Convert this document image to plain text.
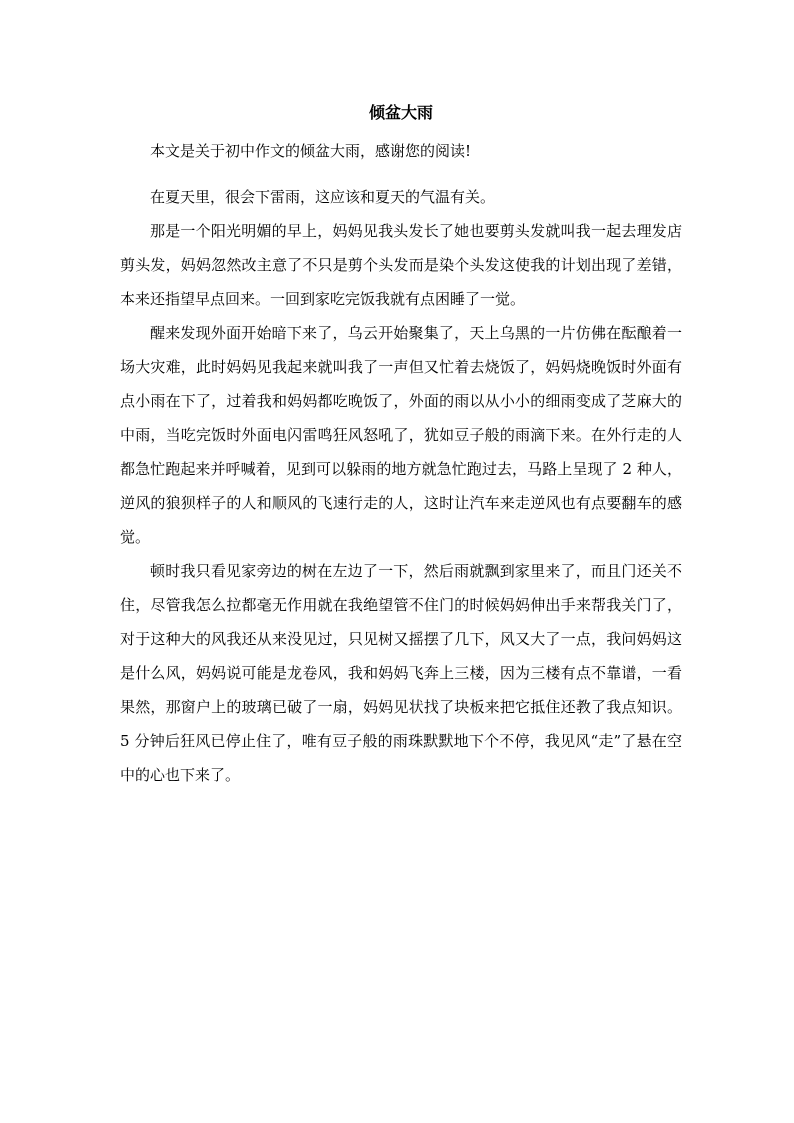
倾盆大雨

本文是关于初中作文的倾盆大雨，感谢您的阅读!

在夏天里，很会下雷雨，这应该和夏天的气温有关。

那是一个阳光明媚的早上，妈妈见我头发长了她也要剪头发就叫我一起去理发店剪头发，妈妈忽然改主意了不只是剪个头发而是染个头发这使我的计划出现了差错，本来还指望早点回来。一回到家吃完饭我就有点困睡了一觉。

醒来发现外面开始暗下来了，乌云开始聚集了，天上乌黑的一片仿佛在酝酿着一场大灾难，此时妈妈见我起来就叫我了一声但又忙着去烧饭了，妈妈烧晚饭时外面有点小雨在下了，过着我和妈妈都吃晚饭了，外面的雨以从小小的细雨变成了芝麻大的中雨，当吃完饭时外面电闪雷鸣狂风怒吼了，犹如豆子般的雨滴下来。在外行走的人都急忙跑起来并呼喊着，见到可以躲雨的地方就急忙跑过去，马路上呈现了 2 种人，逆风的狼狈样子的人和顺风的飞速行走的人，这时让汽车来走逆风也有点要翻车的感觉。

顿时我只看见家旁边的树在左边了一下，然后雨就飘到家里来了，而且门还关不住，尽管我怎么拉都毫无作用就在我绝望管不住门的时候妈妈伸出手来帮我关门了，对于这种大的风我还从来没见过，只见树又摇摆了几下，风又大了一点，我问妈妈这是什么风，妈妈说可能是龙卷风，我和妈妈飞奔上三楼，因为三楼有点不靠谱，一看果然，那窗户上的玻璃已破了一扇，妈妈见状找了块板来把它抵住还教了我点知识。5 分钟后狂风已停止住了，唯有豆子般的雨珠默默地下个不停，我见风“走”了悬在空中的心也下来了。
